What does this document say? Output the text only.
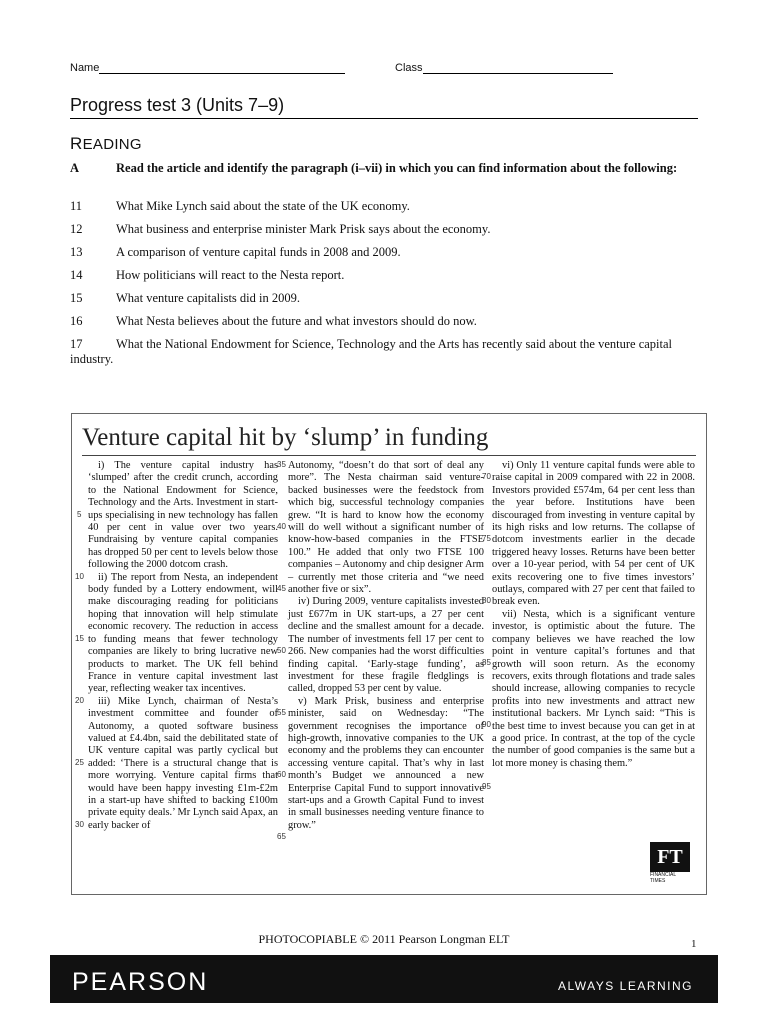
Name	Class
Progress test 3 (Units 7–9)
READING
A	Read the article and identify the paragraph (i–vii) in which you can find information about the following:
11	What Mike Lynch said about the state of the UK economy.
12	What business and enterprise minister Mark Prisk says about the economy.
13	A comparison of venture capital funds in 2008 and 2009.
14	How politicians will react to the Nesta report.
15	What venture capitalists did in 2009.
16	What Nesta believes about the future and what investors should do now.
17	What the National Endowment for Science, Technology and the Arts has recently said about the venture capital industry.
Venture capital hit by ‘slump’ in funding

i) The venture capital industry has ‘slumped’ after the credit crunch, according to the National Endowment for Science, Technology and the Arts. Investment in start-ups specialising in new technology has fallen 40 per cent in value over two years. Fundraising by venture capital companies has dropped 50 per cent to levels below those following the 2000 dotcom crash.

ii) The report from Nesta, an independent body funded by a Lottery endowment, will make discouraging reading for politicians hoping that innovation will help stimulate economic recovery. The reduction in access to funding means that fewer technology companies are likely to bring lucrative new products to market. The UK fell behind France in venture capital investment last year, reflecting weaker tax incentives.

iii) Mike Lynch, chairman of Nesta’s investment committee and founder of Autonomy, a quoted software business valued at £4.4bn, said the debilitated state of UK venture capital was partly cyclical but added: ‘There is a structural change that is more worrying. Venture capital firms that would have been happy investing £1m-£2m in a start-up have shifted to backing £100m private equity deals.’ Mr Lynch said Apax, an early backer of

Autonomy, “doesn’t do that sort of deal any more”. The Nesta chairman said venture-backed businesses were the feedstock from which big, successful technology companies grew. “It is hard to know how the economy will do well without a significant number of know-how-based companies in the FTSE 100.” He added that only two FTSE 100 companies – Autonomy and chip designer Arm – currently met those criteria and “we need another five or six”.

iv) During 2009, venture capitalists invested just £677m in UK start-ups, a 27 per cent decline and the smallest amount for a decade. The number of investments fell 17 per cent to 266. New companies had the worst difficulties finding capital. ‘Early-stage funding’, as investment for these fragile fledglings is called, dropped 53 per cent by value.

v) Mark Prisk, business and enterprise minister, said on Wednesday: “The government recognises the importance of high-growth, innovative companies to the UK economy and the problems they can encounter accessing venture capital. That’s why in last month’s Budget we announced a new Enterprise Capital Fund to support innovative start-ups and a Growth Capital Fund to invest in small businesses needing venture finance to grow.”

vi) Only 11 venture capital funds were able to raise capital in 2009 compared with 22 in 2008. Investors provided £574m, 64 per cent less than the year before. Institutions have been discouraged from investing in venture capital by its high risks and low returns. The collapse of dotcom investments earlier in the decade triggered heavy losses. Returns have been better over a 10-year period, with 54 per cent of UK exits recovering one to five times investors’ outlays, compared with 27 per cent that failed to break even.

vii) Nesta, which is a significant venture investor, is optimistic about the future. The company believes we have reached the low point in venture capital’s fortunes and that growth will soon return. As the economy recovers, exits through flotations and trade sales should increase, allowing companies to recycle profits into new investments and attract new institutional backers. Mr Lynch said: “This is the best time to invest because you can get in at a good price. In contrast, at the top of the cycle the number of good companies is the same but a lot more money is chasing them.”

5
10
15
20
25
30
35
40
45
50
55
60
65
70
75
80
85
90
95
FT
FINANCIAL TIMES
PHOTOCOPIABLE © 2011 Pearson Longman ELT	1
PEARSON	ALWAYS LEARNING
